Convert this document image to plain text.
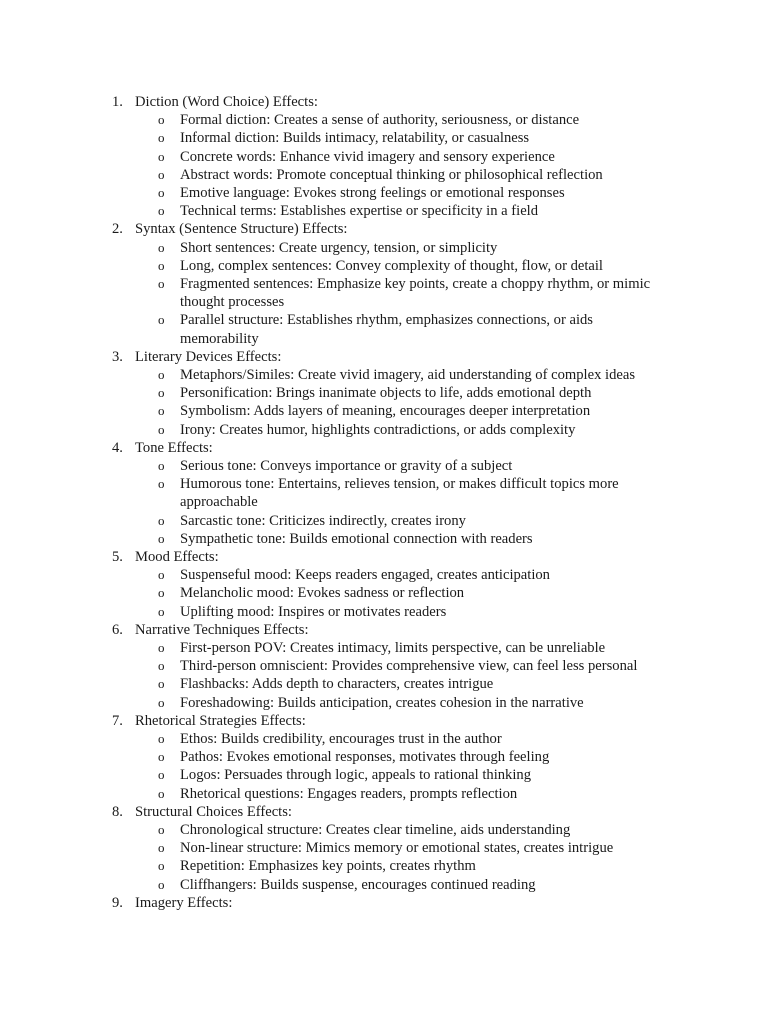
1. Diction (Word Choice) Effects:
o Formal diction: Creates a sense of authority, seriousness, or distance
o Informal diction: Builds intimacy, relatability, or casualness
o Concrete words: Enhance vivid imagery and sensory experience
o Abstract words: Promote conceptual thinking or philosophical reflection
o Emotive language: Evokes strong feelings or emotional responses
o Technical terms: Establishes expertise or specificity in a field
2. Syntax (Sentence Structure) Effects:
o Short sentences: Create urgency, tension, or simplicity
o Long, complex sentences: Convey complexity of thought, flow, or detail
o Fragmented sentences: Emphasize key points, create a choppy rhythm, or mimic thought processes
o Parallel structure: Establishes rhythm, emphasizes connections, or aids memorability
3. Literary Devices Effects:
o Metaphors/Similes: Create vivid imagery, aid understanding of complex ideas
o Personification: Brings inanimate objects to life, adds emotional depth
o Symbolism: Adds layers of meaning, encourages deeper interpretation
o Irony: Creates humor, highlights contradictions, or adds complexity
4. Tone Effects:
o Serious tone: Conveys importance or gravity of a subject
o Humorous tone: Entertains, relieves tension, or makes difficult topics more approachable
o Sarcastic tone: Criticizes indirectly, creates irony
o Sympathetic tone: Builds emotional connection with readers
5. Mood Effects:
o Suspenseful mood: Keeps readers engaged, creates anticipation
o Melancholic mood: Evokes sadness or reflection
o Uplifting mood: Inspires or motivates readers
6. Narrative Techniques Effects:
o First-person POV: Creates intimacy, limits perspective, can be unreliable
o Third-person omniscient: Provides comprehensive view, can feel less personal
o Flashbacks: Adds depth to characters, creates intrigue
o Foreshadowing: Builds anticipation, creates cohesion in the narrative
7. Rhetorical Strategies Effects:
o Ethos: Builds credibility, encourages trust in the author
o Pathos: Evokes emotional responses, motivates through feeling
o Logos: Persuades through logic, appeals to rational thinking
o Rhetorical questions: Engages readers, prompts reflection
8. Structural Choices Effects:
o Chronological structure: Creates clear timeline, aids understanding
o Non-linear structure: Mimics memory or emotional states, creates intrigue
o Repetition: Emphasizes key points, creates rhythm
o Cliffhangers: Builds suspense, encourages continued reading
9. Imagery Effects:
